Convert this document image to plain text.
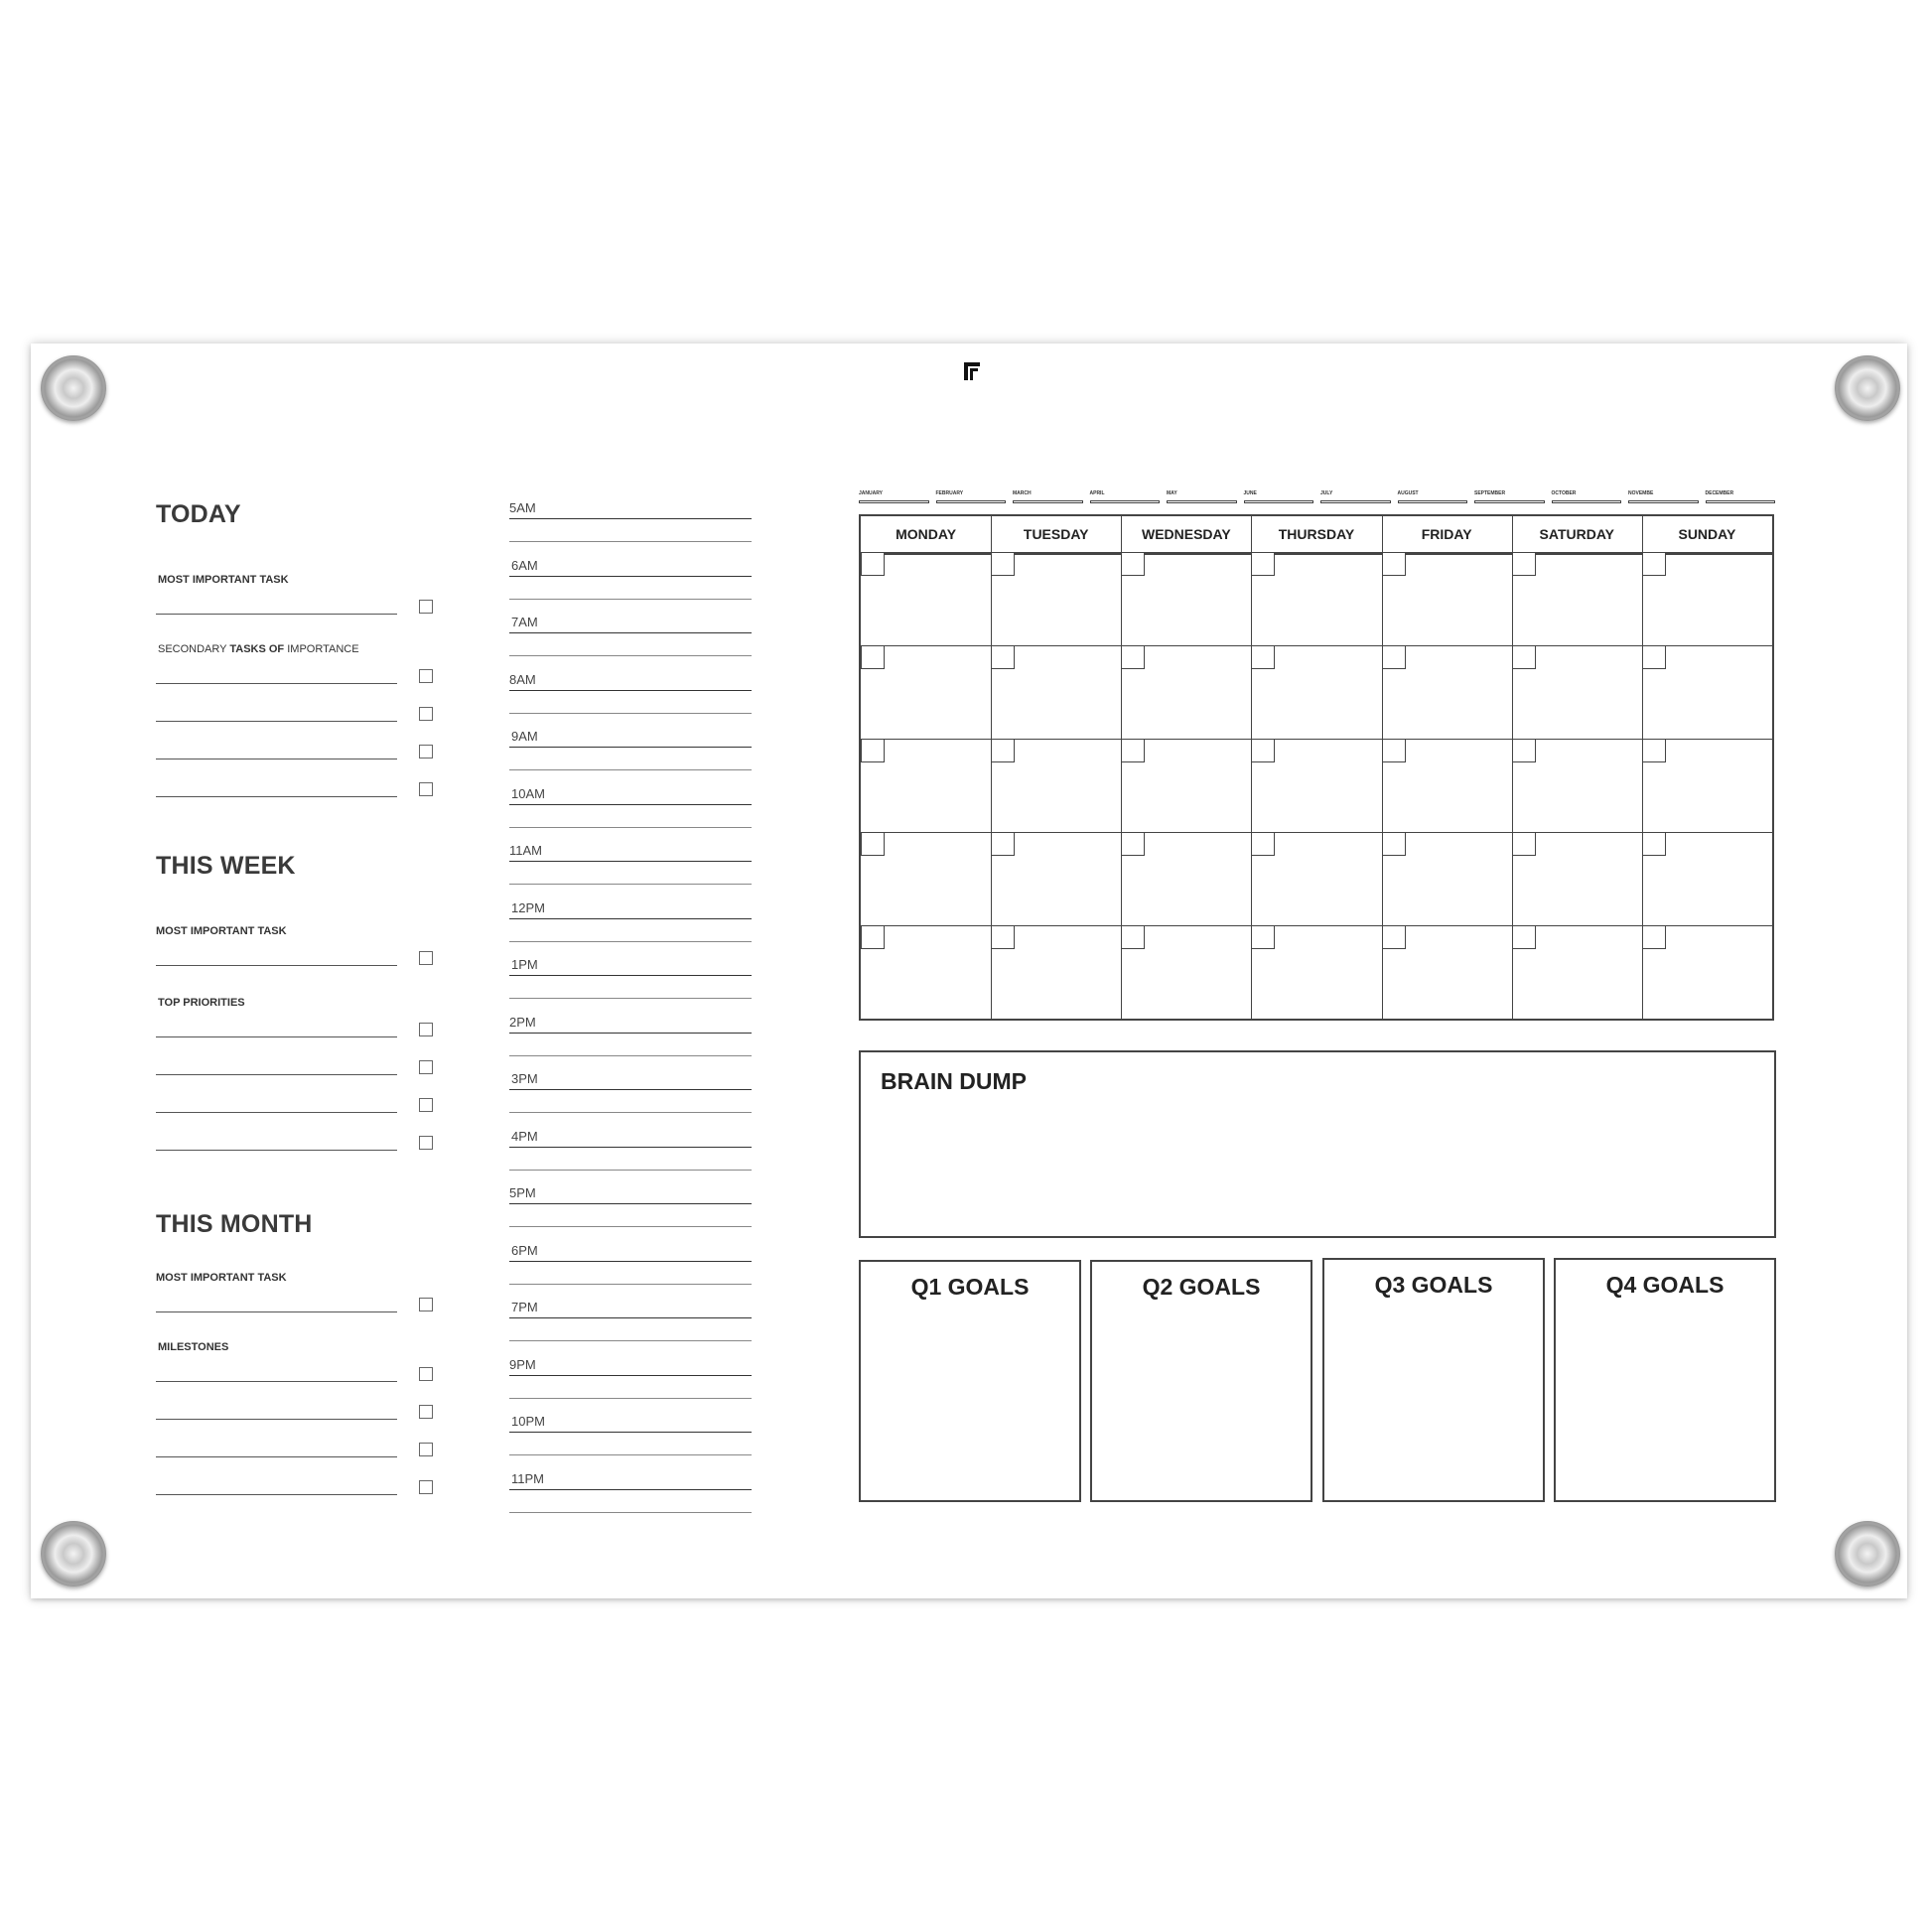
TODAY
MOST IMPORTANT TASK
SECONDARY TASKS OF IMPORTANCE
THIS WEEK
MOST IMPORTANT TASK
TOP PRIORITIES
THIS MONTH
MOST IMPORTANT TASK
MILESTONES
5AM
6AM
7AM
8AM
9AM
10AM
11AM
12PM
1PM
2PM
3PM
4PM
5PM
6PM
7PM
9PM
10PM
11PM
JANUARY	FEBRUARY	MARCH	APRIL	MAY	JUNE	JULY	AUGUST	SEPTEMBER	OCTOBER	NOVEMBE	DECEMBER
MONDAY	TUESDAY	WEDNESDAY	THURSDAY	FRIDAY	SATURDAY	SUNDAY
BRAIN DUMP
Q1 GOALS	Q2 GOALS	Q3 GOALS	Q4 GOALS
